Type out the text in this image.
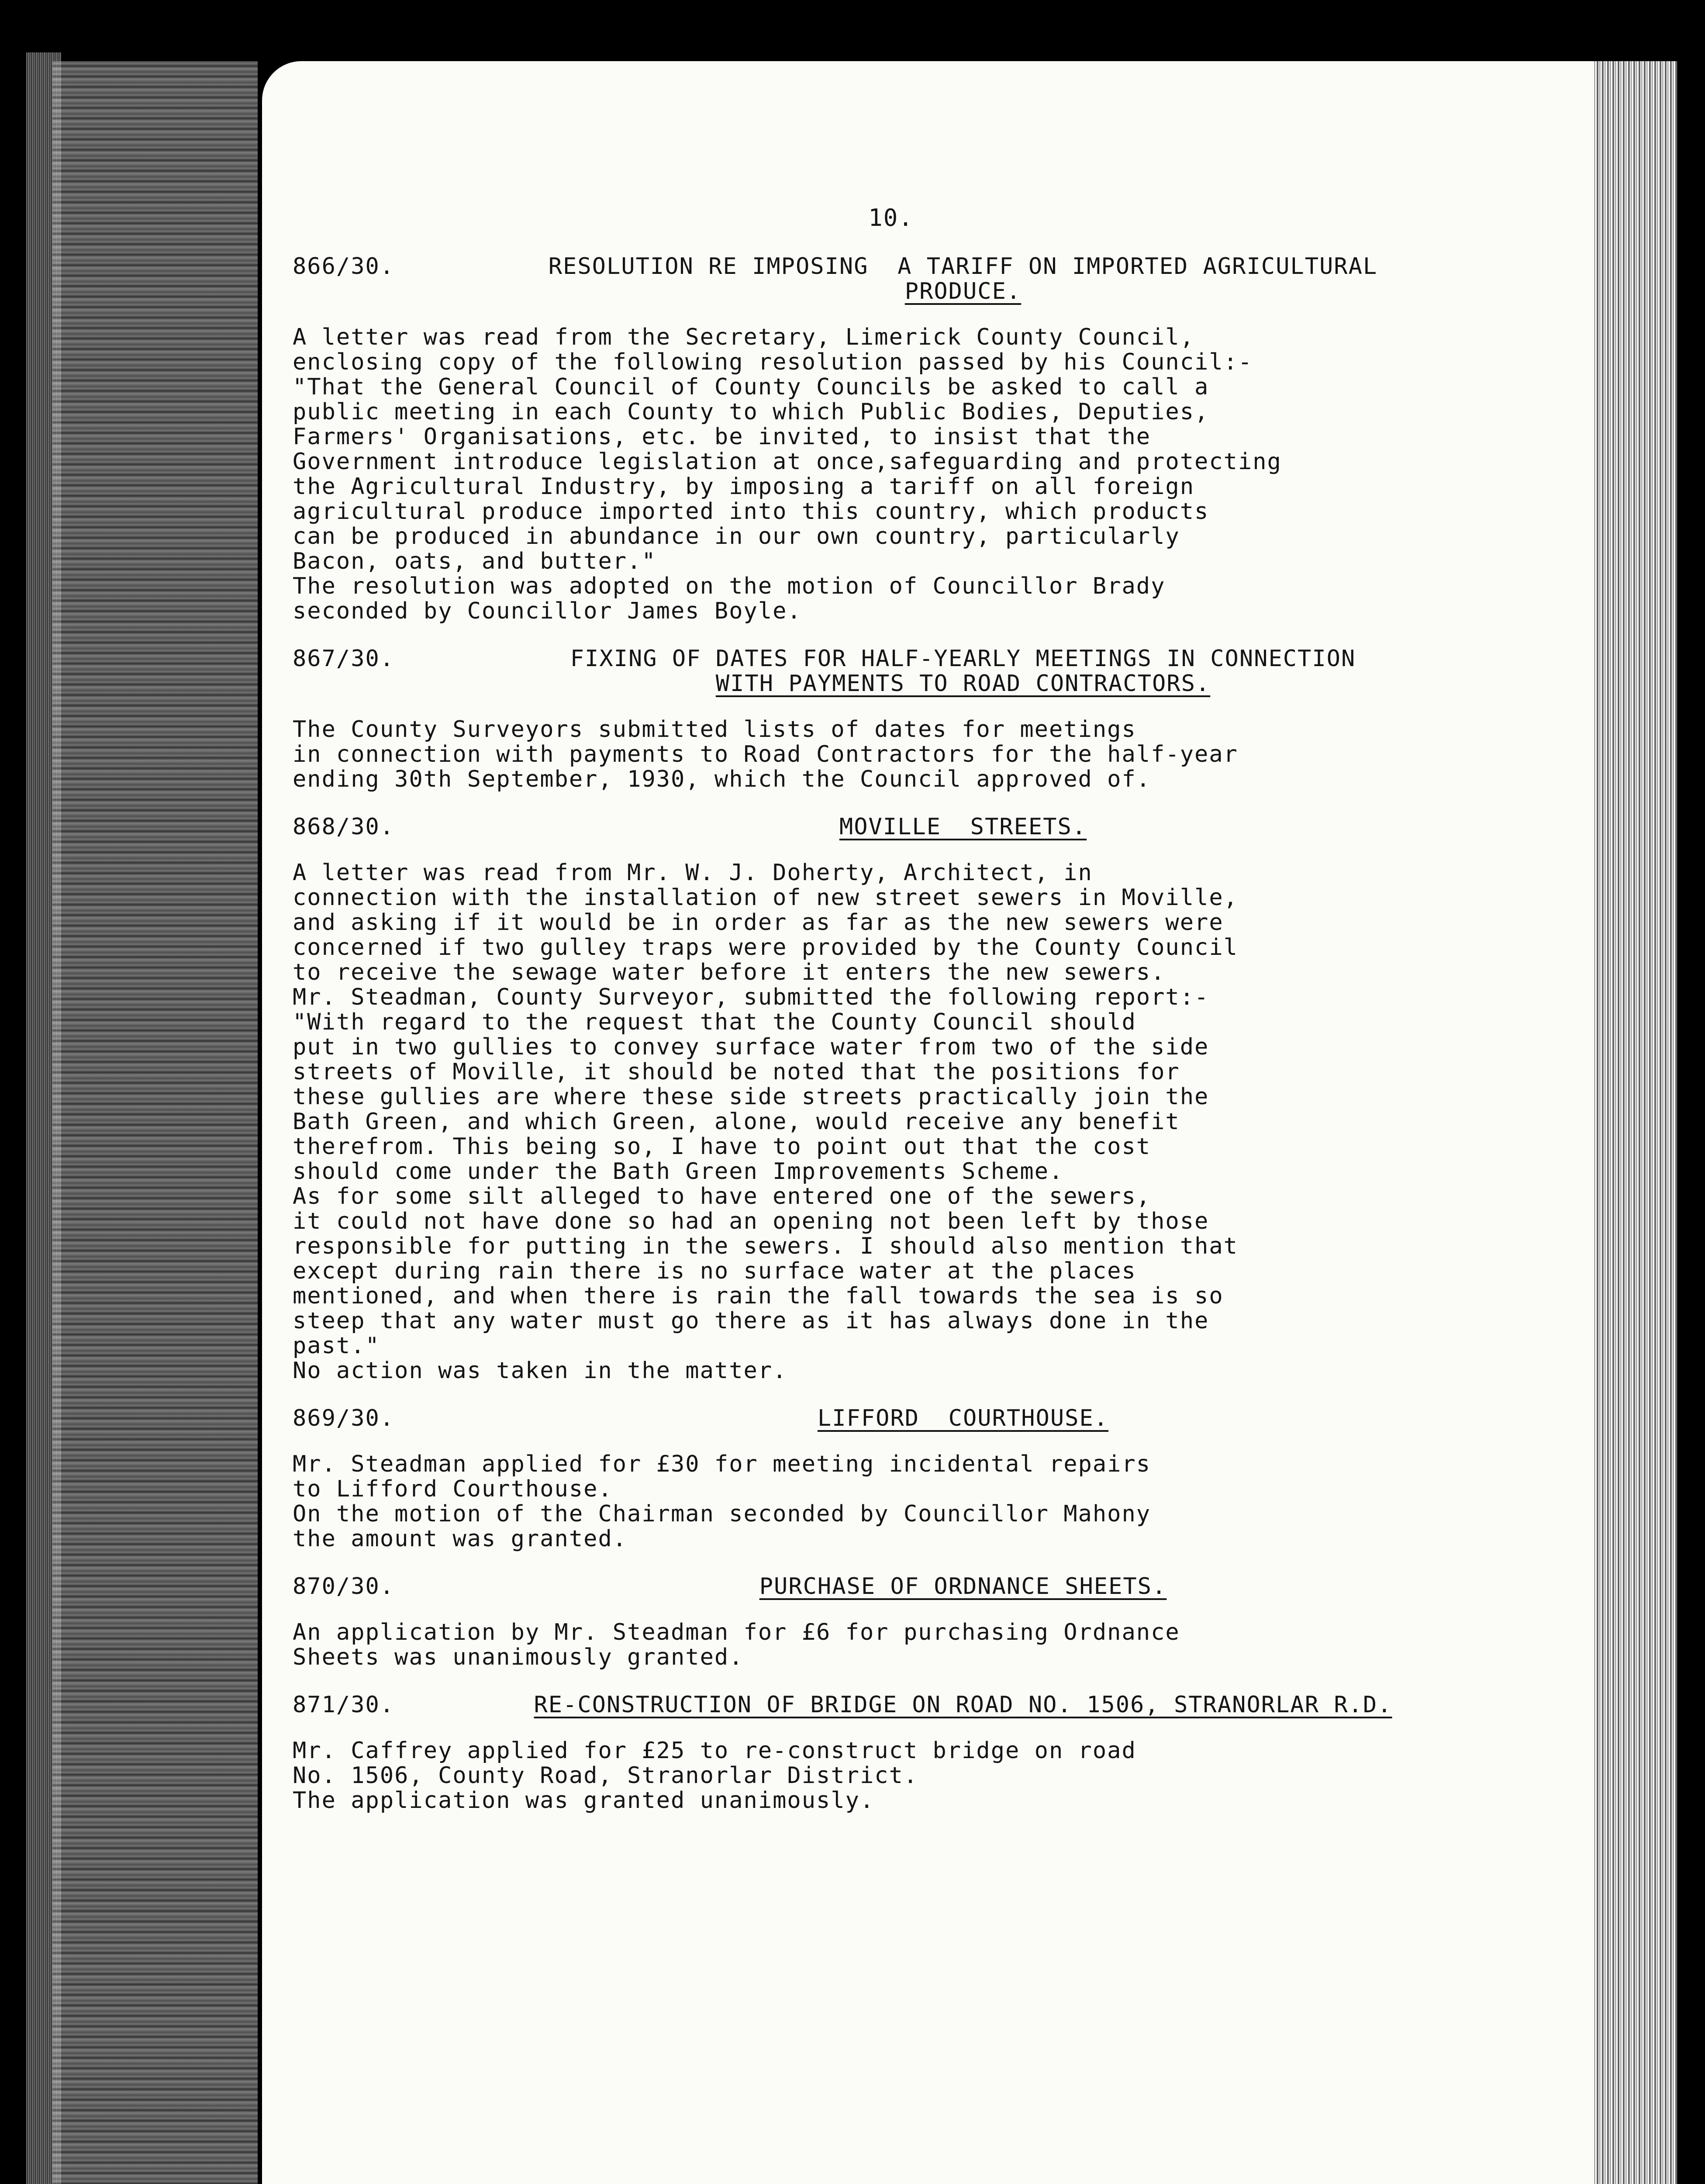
10.
866/30.	RESOLUTION RE IMPOSING  A TARIFF ON IMPORTED AGRICULTURAL
PRODUCE.

A letter was read from the Secretary, Limerick County Council,
enclosing copy of the following resolution passed by his Council:-
"That the General Council of County Councils be asked to call a
public meeting in each County to which Public Bodies, Deputies,
Farmers' Organisations, etc. be invited, to insist that the
Government introduce legislation at once,safeguarding and protecting
the Agricultural Industry, by imposing a tariff on all foreign
agricultural produce imported into this country, which products
can be produced in abundance in our own country, particularly
Bacon, oats, and butter."

The resolution was adopted on the motion of Councillor Brady
seconded by Councillor James Boyle.

867/30.	FIXING OF DATES FOR HALF-YEARLY MEETINGS IN CONNECTION
WITH PAYMENTS TO ROAD CONTRACTORS.

The County Surveyors submitted lists of dates for meetings
in connection with payments to Road Contractors for the half-year
ending 30th September, 1930, which the Council approved of.

868/30.	MOVILLE  STREETS.

A letter was read from Mr. W. J. Doherty, Architect, in
connection with the installation of new street sewers in Moville,
and asking if it would be in order as far as the new sewers were
concerned if two gulley traps were provided by the County Council
to receive the sewage water before it enters the new sewers.

Mr. Steadman, County Surveyor, submitted the following report:-
"With regard to the request that the County Council should
put in two gullies to convey surface water from two of the side
streets of Moville, it should be noted that the positions for
these gullies are where these side streets practically join the
Bath Green, and which Green, alone, would receive any benefit
therefrom. This being so, I have to point out that the cost
should come under the Bath Green Improvements Scheme.

As for some silt alleged to have entered one of the sewers,
it could not have done so had an opening not been left by those
responsible for putting in the sewers. I should also mention that
except during rain there is no surface water at the places
mentioned, and when there is rain the fall towards the sea is so
steep that any water must go there as it has always done in the
past."

No action was taken in the matter.

869/30.	LIFFORD  COURTHOUSE.

Mr. Steadman applied for £30 for meeting incidental repairs
to Lifford Courthouse.

On the motion of the Chairman seconded by Councillor Mahony
the amount was granted.

870/30.	PURCHASE OF ORDNANCE SHEETS.

An application by Mr. Steadman for £6 for purchasing Ordnance
Sheets was unanimously granted.

871/30.	RE-CONSTRUCTION OF BRIDGE ON ROAD NO. 1506, STRANORLAR R.D.

Mr. Caffrey applied for £25 to re-construct bridge on road
No. 1506, County Road, Stranorlar District.

The application was granted unanimously.
